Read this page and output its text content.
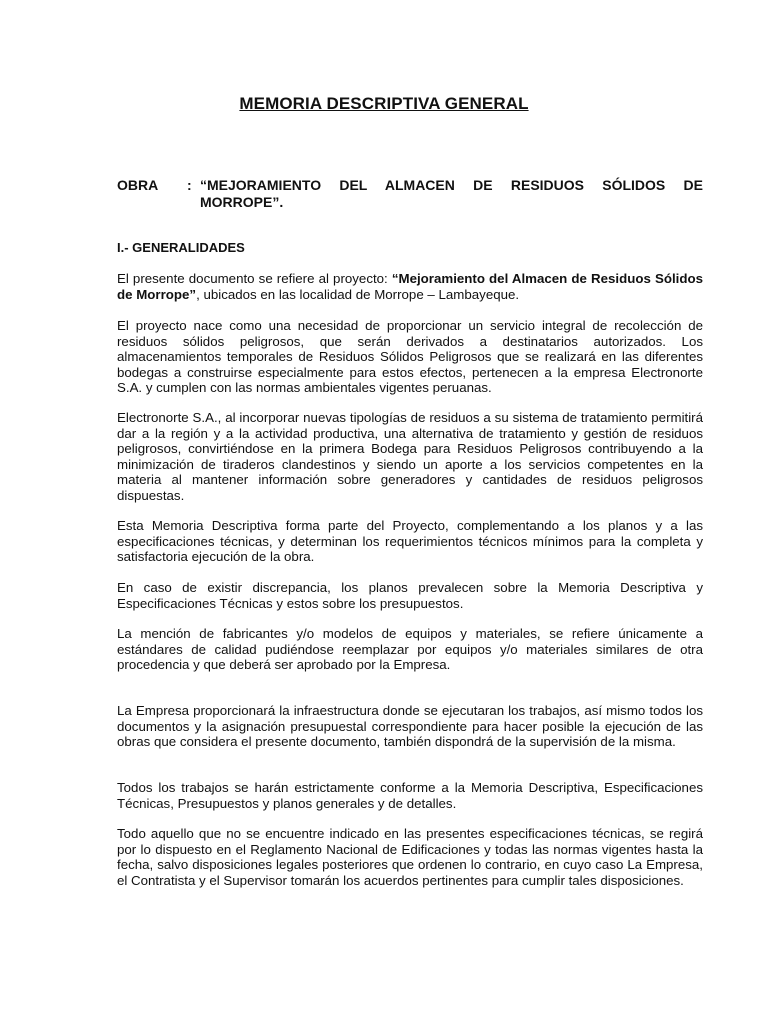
MEMORIA DESCRIPTIVA GENERAL
OBRA : “MEJORAMIENTO DEL ALMACEN DE RESIDUOS SÓLIDOS DE MORROPE”.
I.- GENERALIDADES

El presente documento se refiere al proyecto: “Mejoramiento del Almacen de Residuos Sólidos de Morrope”, ubicados en las localidad de Morrope – Lambayeque.

El proyecto nace como una necesidad de proporcionar un servicio integral de recolección de residuos sólidos peligrosos, que serán derivados a destinatarios autorizados. Los almacenamientos temporales de Residuos Sólidos Peligrosos que se realizará en las diferentes bodegas a construirse especialmente para estos efectos, pertenecen a la empresa Electronorte S.A. y cumplen con las normas ambientales vigentes peruanas.

Electronorte S.A., al incorporar nuevas tipologías de residuos a su sistema de tratamiento permitirá dar a la región y a la actividad productiva, una alternativa de tratamiento y gestión de residuos peligrosos, convirtiéndose en la primera Bodega para Residuos Peligrosos contribuyendo a la minimización de tiraderos clandestinos y siendo un aporte a los servicios competentes en la materia al mantener información sobre generadores y cantidades de residuos peligrosos dispuestas.

Esta Memoria Descriptiva forma parte del Proyecto, complementando a los planos y a las especificaciones técnicas, y determinan los requerimientos técnicos mínimos para la completa y satisfactoria ejecución de la obra.

En caso de existir discrepancia, los planos prevalecen sobre la Memoria Descriptiva y Especificaciones Técnicas y estos sobre los presupuestos.

La mención de fabricantes y/o modelos de equipos y materiales, se refiere únicamente a estándares de calidad pudiéndose reemplazar por equipos y/o materiales similares de otra procedencia y que deberá ser aprobado por la Empresa.

La Empresa proporcionará la infraestructura donde se ejecutaran los trabajos, así mismo todos los documentos y la asignación presupuestal correspondiente para hacer posible la ejecución de las obras que considera el presente documento, también dispondrá de la supervisión de la misma.

Todos los trabajos se harán estrictamente conforme a la Memoria Descriptiva, Especificaciones Técnicas, Presupuestos y planos generales y de detalles.

Todo aquello que no se encuentre indicado en las presentes especificaciones técnicas, se regirá por lo dispuesto en el Reglamento Nacional de Edificaciones y todas las normas vigentes hasta la fecha, salvo disposiciones legales posteriores que ordenen lo contrario, en cuyo caso La Empresa, el Contratista y el Supervisor tomarán los acuerdos pertinentes para cumplir tales disposiciones.
